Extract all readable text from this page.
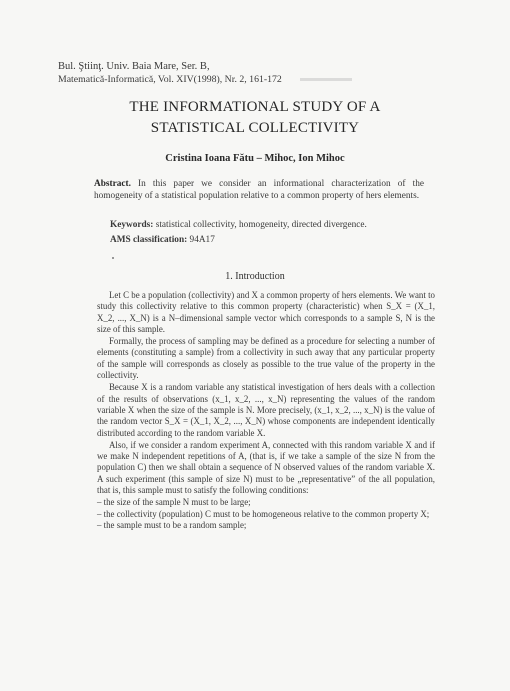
Bul. Ştiinţ. Univ. Baia Mare, Ser. B,
Matematică-Informatică, Vol. XIV(1998), Nr. 2, 161-172
THE INFORMATIONAL STUDY OF A
STATISTICAL COLLECTIVITY
Cristina Ioana Fătu – Mihoc, Ion Mihoc
Abstract. In this paper we consider an informational characterization of the homogeneity of a statistical population relative to a common property of hers elements.
Keywords: statistical collectivity, homogeneity, directed divergence.
AMS classification: 94A17
1. Introduction

Let C be a population (collectivity) and X a common property of hers elements. We want to study this collectivity relative to this common property (characteristic) when S_X = (X_1, X_2, ..., X_N) is a N–dimensional sample vector which corresponds to a sample S, N is the size of this sample.

Formally, the process of sampling may be defined as a procedure for selecting a number of elements (constituting a sample) from a collectivity in such away that any particular property of the sample will corresponds as closely as possible to the true value of the property in the collectivity.

Because X is a random variable any statistical investigation of hers deals with a collection of the results of observations (x_1, x_2, ..., x_N) representing the values of the random variable X when the size of the sample is N. More precisely, (x_1, x_2, ..., x_N) is the value of the random vector S_X = (X_1, X_2, ..., X_N) whose components are independent identically distributed according to the random variable X.

Also, if we consider a random experiment A, connected with this random variable X and if we make N independent repetitions of A, (that is, if we take a sample of the size N from the population C) then we shall obtain a sequence of N observed values of the random variable X. A such experiment (this sample of size N) must to be „representative” of the all population, that is, this sample must to satisfy the following conditions:

– the size of the sample N must to be large;
– the collectivity (population) C must to be homogeneous relative to the common property X;
– the sample must to be a random sample;
